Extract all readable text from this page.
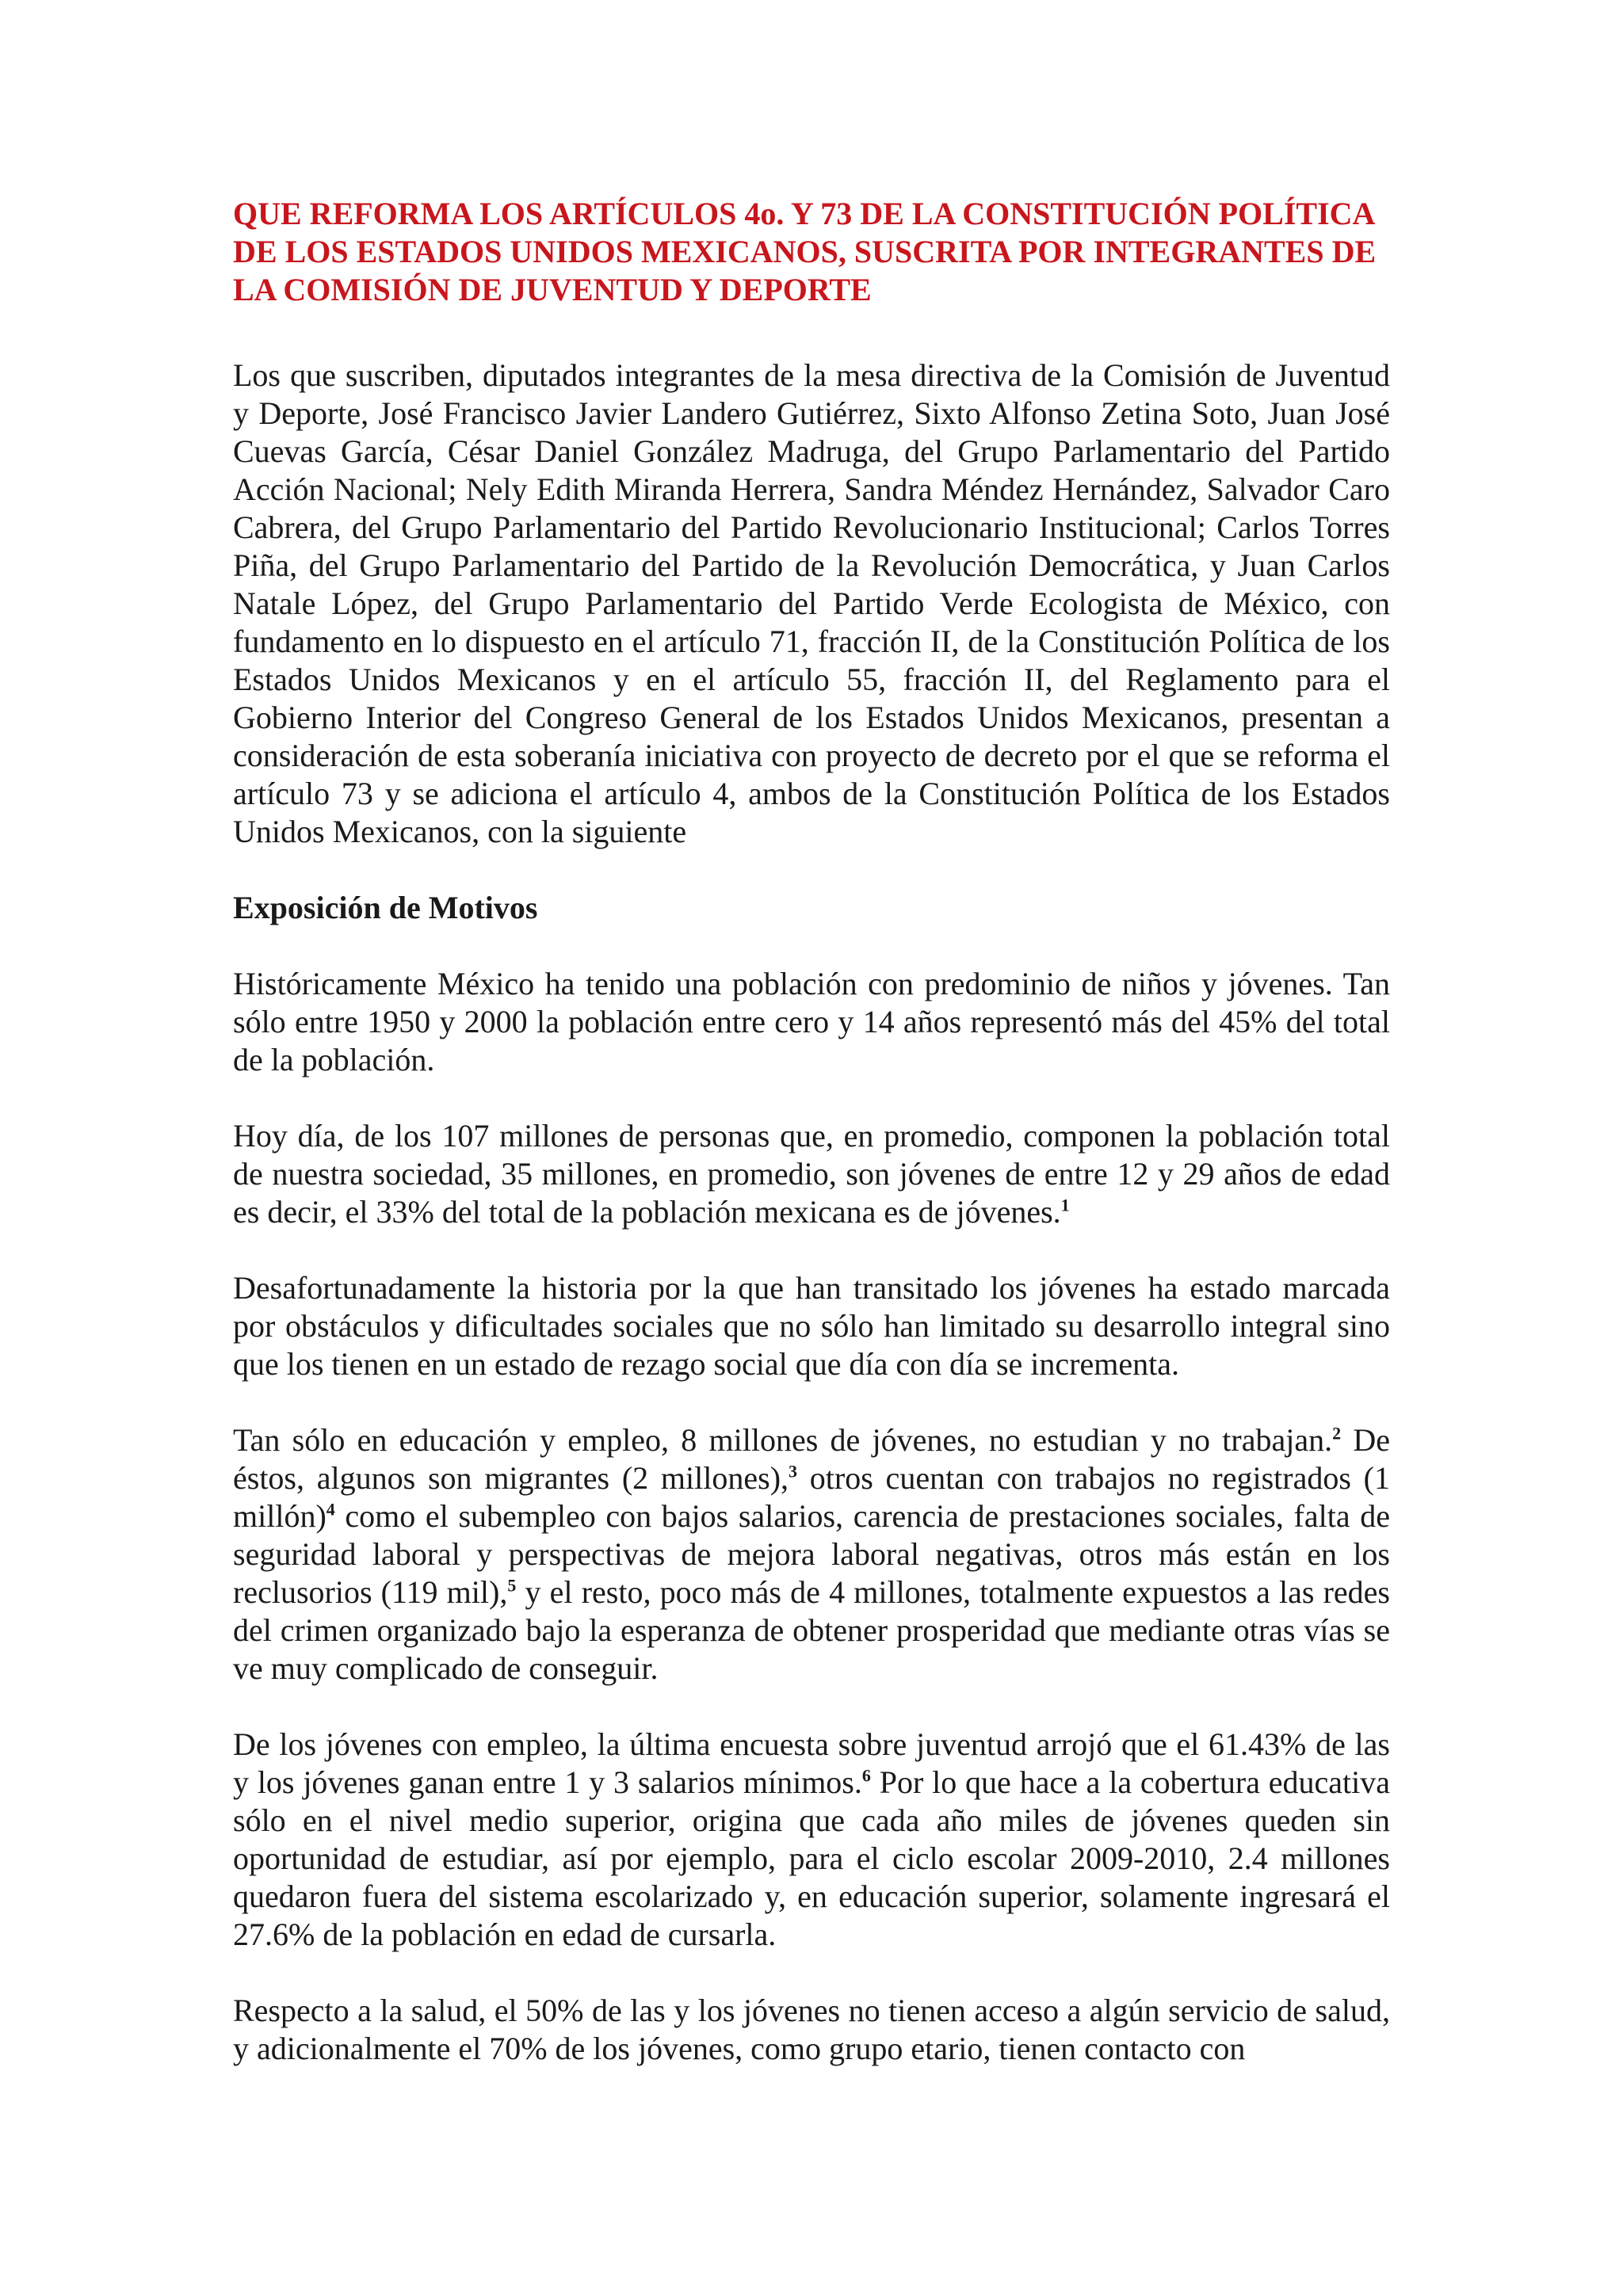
QUE REFORMA LOS ARTÍCULOS 4o. Y 73 DE LA CONSTITUCIÓN POLÍTICA DE LOS ESTADOS UNIDOS MEXICANOS, SUSCRITA POR INTEGRANTES DE LA COMISIÓN DE JUVENTUD Y DEPORTE

Los que suscriben, diputados integrantes de la mesa directiva de la Comisión de Juventud y Deporte, José Francisco Javier Landero Gutiérrez, Sixto Alfonso Zetina Soto, Juan José Cuevas García, César Daniel González Madruga, del Grupo Parlamentario del Partido Acción Nacional; Nely Edith Miranda Herrera, Sandra Méndez Hernández, Salvador Caro Cabrera, del Grupo Parlamentario del Partido Revolucionario Institucional; Carlos Torres Piña, del Grupo Parlamentario del Partido de la Revolución Democrática, y Juan Carlos Natale López, del Grupo Parlamentario del Partido Verde Ecologista de México, con fundamento en lo dispuesto en el artículo 71, fracción II, de la Constitución Política de los Estados Unidos Mexicanos y en el artículo 55, fracción II, del Reglamento para el Gobierno Interior del Congreso General de los Estados Unidos Mexicanos, presentan a consideración de esta soberanía iniciativa con proyecto de decreto por el que se reforma el artículo 73 y se adiciona el artículo 4, ambos de la Constitución Política de los Estados Unidos Mexicanos, con la siguiente

Exposición de Motivos

Históricamente México ha tenido una población con predominio de niños y jóvenes. Tan sólo entre 1950 y 2000 la población entre cero y 14 años representó más del 45% del total de la población.

Hoy día, de los 107 millones de personas que, en promedio, componen la población total de nuestra sociedad, 35 millones, en promedio, son jóvenes de entre 12 y 29 años de edad es decir, el 33% del total de la población mexicana es de jóvenes.$^1$

Desafortunadamente la historia por la que han transitado los jóvenes ha estado marcada por obstáculos y dificultades sociales que no sólo han limitado su desarrollo integral sino que los tienen en un estado de rezago social que día con día se incrementa.

Tan sólo en educación y empleo, 8 millones de jóvenes, no estudian y no trabajan.$^2$ De éstos, algunos son migrantes (2 millones),$^3$ otros cuentan con trabajos no registrados (1 millón)$^4$ como el subempleo con bajos salarios, carencia de prestaciones sociales, falta de seguridad laboral y perspectivas de mejora laboral negativas, otros más están en los reclusorios (119 mil),$^5$ y el resto, poco más de 4 millones, totalmente expuestos a las redes del crimen organizado bajo la esperanza de obtener prosperidad que mediante otras vías se ve muy complicado de conseguir.

De los jóvenes con empleo, la última encuesta sobre juventud arrojó que el 61.43% de las y los jóvenes ganan entre 1 y 3 salarios mínimos.$^6$ Por lo que hace a la cobertura educativa sólo en el nivel medio superior, origina que cada año miles de jóvenes queden sin oportunidad de estudiar, así por ejemplo, para el ciclo escolar 2009-2010, 2.4 millones quedaron fuera del sistema escolarizado y, en educación superior, solamente ingresará el 27.6% de la población en edad de cursarla.

Respecto a la salud, el 50% de las y los jóvenes no tienen acceso a algún servicio de salud, y adicionalmente el 70% de los jóvenes, como grupo etario, tienen contacto con
